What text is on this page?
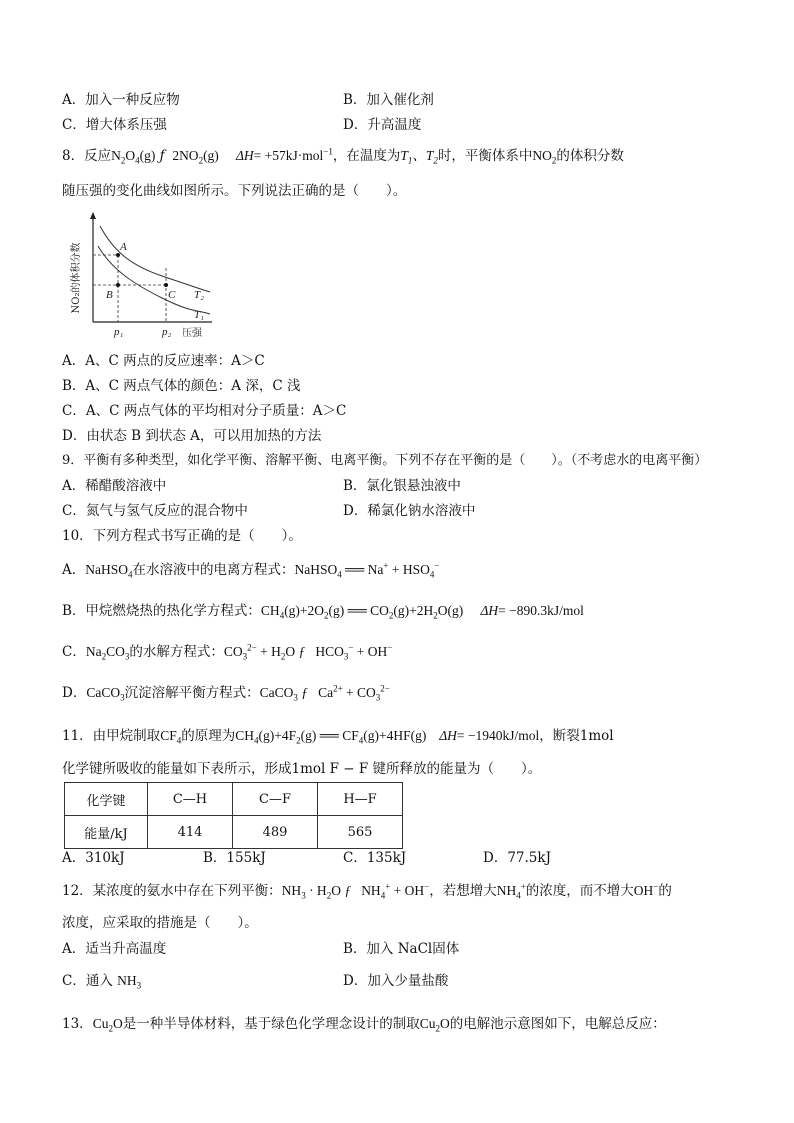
A．加入一种反应物	B．加入催化剂
C．增大体系压强	D．升高温度
8．反应$N_2O_4(g)$ ƒ  $2NO_2(g)$ ΔH= +57kJ·mol$^{-1}$，在温度为$T_1$、$T_2$时，平衡体系中$NO_2$的体积分数
随压强的变化曲线如图所示。下列说法正确的是（　　）。
NO₂的体积分数	A
B	C T₂
T₁
p₁	p₂ 压强
A．A、C 两点的反应速率：A＞C
B．A、C 两点气体的颜色：A 深，C 浅
C．A、C 两点气体的平均相对分子质量：A＞C
D．由状态 B 到状态 A，可以用加热的方法
9．平衡有多种类型，如化学平衡、溶解平衡、电离平衡。下列不存在平衡的是（　　）。（不考虑水的电离平衡）
A．稀醋酸溶液中	B．氯化银悬浊液中
C．氮气与氢气反应的混合物中	D．稀氯化钠水溶液中
10．下列方程式书写正确的是（　　）。
A．NaHSO$_4$在水溶液中的电离方程式：NaHSO$_4$ ══ $Na^+ + HSO_4^-$
B．甲烷燃烧热的热化学方程式：$CH_4(g)+2O_2(g)$ ══ $CO_2(g)+2H_2O(g)$ ΔH= −890.3kJ/mol
C．$Na_2CO_3$的水解方程式：$CO_3^{2-} + H_2O$ ƒ   $HCO_3^- + OH^-$
D．CaCO$_3$沉淀溶解平衡方程式：CaCO$_3$ ƒ   $Ca^{2+} + CO_3^{2-}$
11．由甲烷制取$CF_4$的原理为$CH_4(g)+4F_2(g)$ ══ $CF_4(g)+4HF(g)$ ΔH= −1940kJ/mol，断裂1mol
化学键所吸收的能量如下表所示，形成1mol F − F 键所释放的能量为（　　）。
化学键	C—H	C—F	H—F
能量/kJ	414	489	565
A．310kJ	B．155kJ	C．135kJ	D．77.5kJ
12．某浓度的氨水中存在下列平衡：$NH_3 \cdot H_2O$ ƒ   $NH_4^+ + OH^-$，若想增大$NH_4^+$的浓度，而不增大OH−的
浓度，应采取的措施是（　　）。
A．适当升高温度	B．加入 NaCl固体
C．通入 $NH_3$	D．加入少量盐酸
13．$Cu_2O$是一种半导体材料，基于绿色化学理念设计的制取$Cu_2O$的电解池示意图如下，电解总反应：
